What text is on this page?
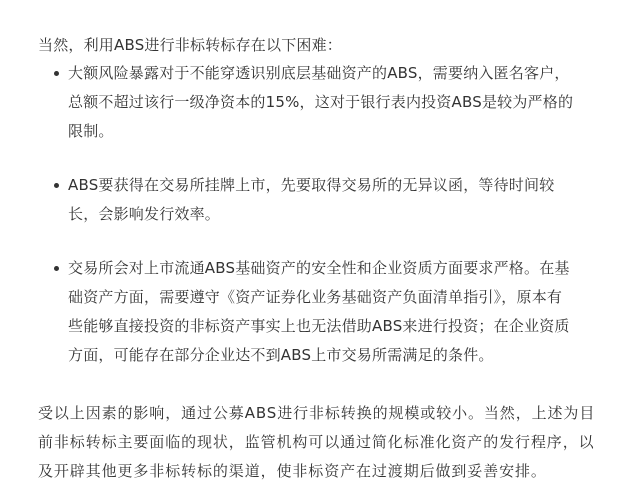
当然，利用ABS进行非标转标存在以下困难：

大额风险暴露对于不能穿透识别底层基础资产的ABS，需要纳入匿名客户，
总额不超过该行一级净资本的15%，这对于银行表内投资ABS是较为严格的
限制。
ABS要获得在交易所挂牌上市，先要取得交易所的无异议函，等待时间较
长，会影响发行效率。
交易所会对上市流通ABS基础资产的安全性和企业资质方面要求严格。在基
础资产方面，需要遵守《资产证券化业务基础资产负面清单指引》，原本有
些能够直接投资的非标资产事实上也无法借助ABS来进行投资；在企业资质
方面，可能存在部分企业达不到ABS上市交易所需满足的条件。
受以上因素的影响，通过公募ABS进行非标转换的规模或较小。当然，上述为目
前非标转标主要面临的现状，监管机构可以通过简化标准化资产的发行程序，以
及开辟其他更多非标转标的渠道，使非标资产在过渡期后做到妥善安排。
